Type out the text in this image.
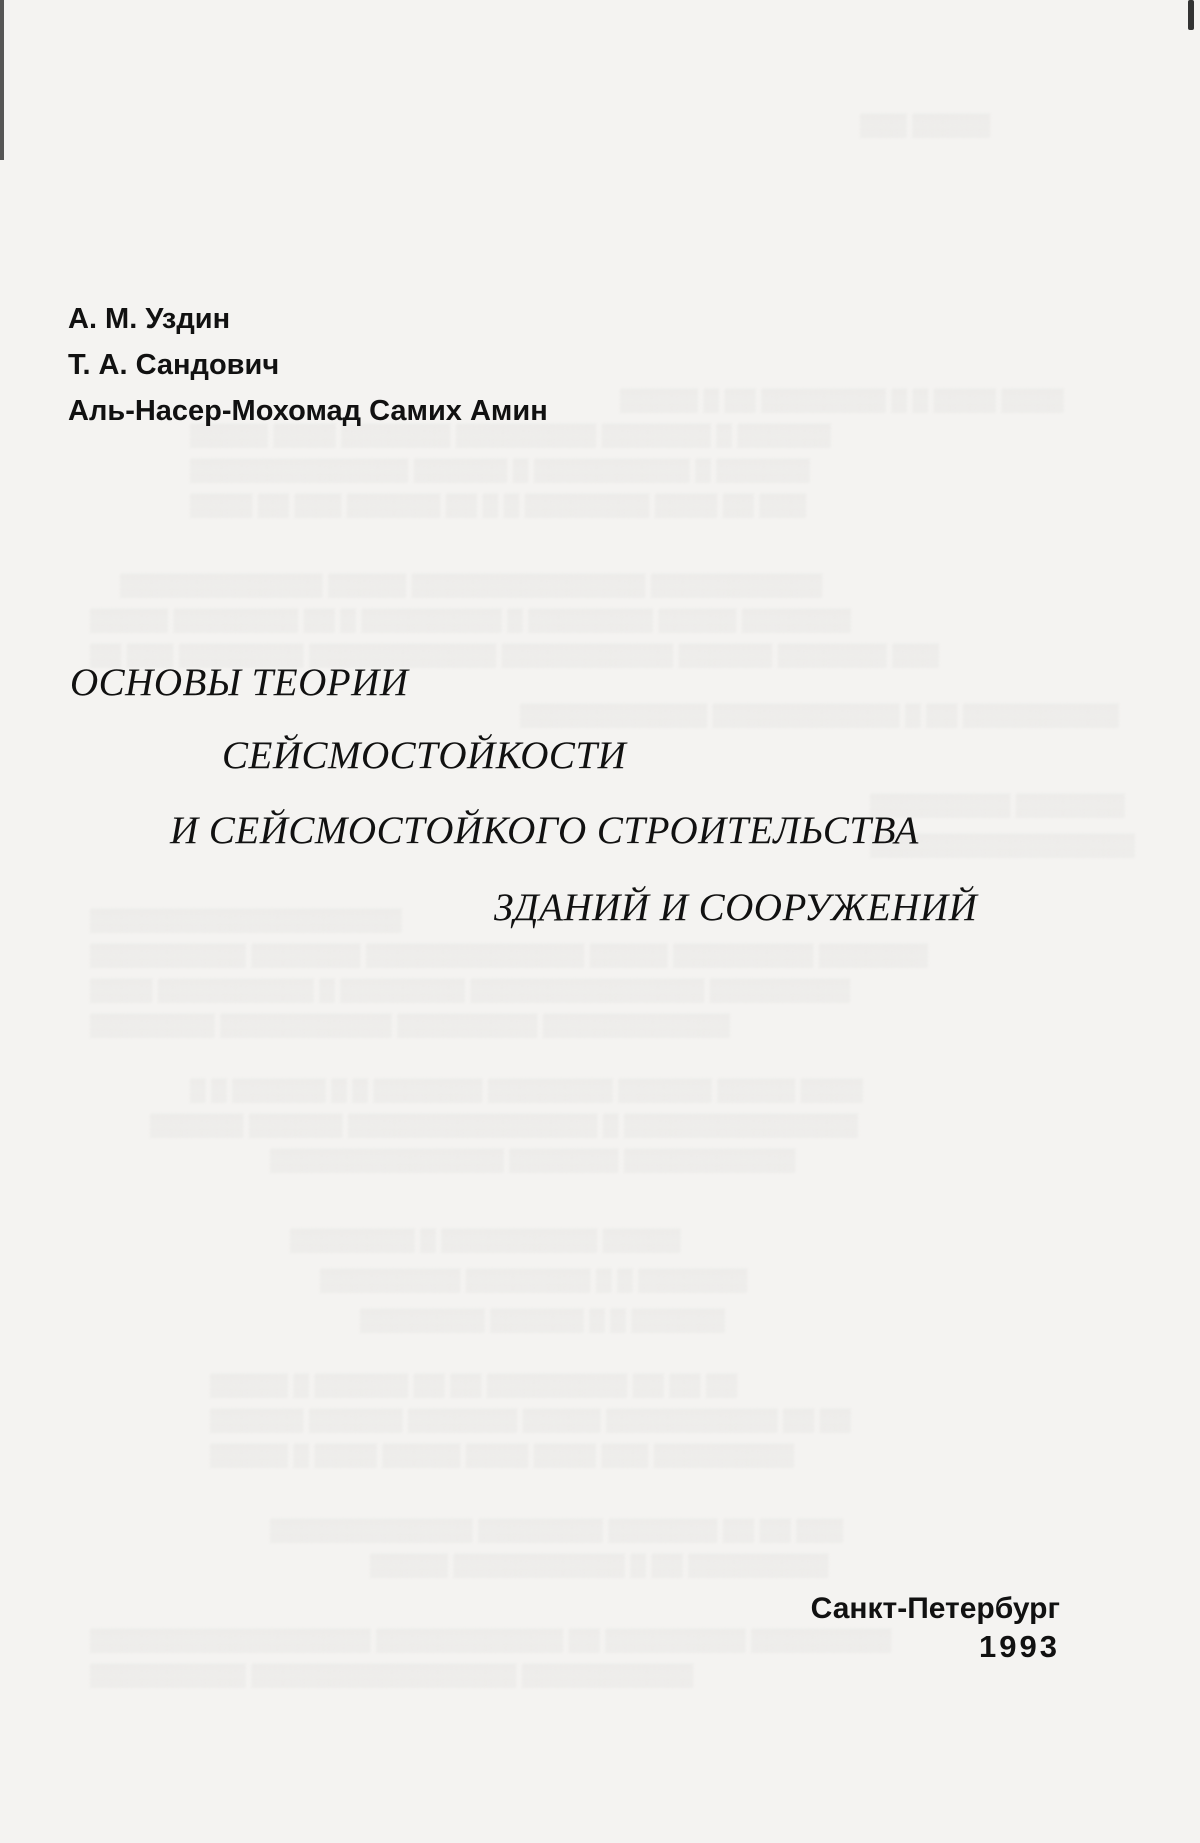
▒▒▒ ▒▒▒▒▒
▒▒▒▒▒ ▒ ▒▒ ▒▒▒▒▒▒▒▒ ▒ ▒ ▒▒▒▒ ▒▒▒▒
▒▒▒▒▒ ▒▒▒▒ ▒▒▒▒▒▒▒ ▒▒▒▒▒▒▒▒▒ ▒▒▒▒▒▒▒ ▒ ▒▒▒▒▒▒
▒▒▒▒▒▒▒▒▒▒▒▒▒▒ ▒▒▒▒▒▒ ▒ ▒▒▒▒▒▒▒▒▒▒ ▒ ▒▒▒▒▒▒
▒▒▒▒ ▒▒ ▒▒▒ ▒▒▒▒▒▒ ▒▒ ▒ ▒ ▒▒▒▒▒▒▒▒ ▒▒▒▒ ▒▒ ▒▒▒
▒▒▒▒▒▒▒▒▒▒▒▒▒ ▒▒▒▒▒ ▒▒▒▒▒▒▒▒▒▒▒▒▒▒▒ ▒▒▒▒▒▒▒▒▒▒▒
▒▒▒▒▒ ▒▒▒▒▒▒▒▒ ▒▒ ▒ ▒▒▒▒▒▒▒▒▒ ▒ ▒▒▒▒▒▒▒▒ ▒▒▒▒▒ ▒▒▒▒▒▒▒
▒▒ ▒▒▒ ▒▒▒▒▒▒▒▒ ▒▒▒▒▒▒▒▒▒▒▒▒ ▒▒▒▒▒▒▒▒▒▒▒ ▒▒▒▒▒▒ ▒▒▒▒▒▒▒ ▒▒▒
▒▒▒▒▒▒▒▒▒▒▒▒ ▒▒▒▒▒▒▒▒▒▒▒▒ ▒ ▒▒ ▒▒▒▒▒▒▒▒▒▒
▒▒▒▒▒▒▒▒▒ ▒▒▒▒▒▒▒
▒▒▒▒▒▒▒▒▒▒▒▒▒▒▒▒▒
▒▒▒▒▒▒▒▒▒▒▒▒▒▒▒▒▒▒▒▒
▒▒▒▒▒▒▒▒▒▒ ▒▒▒▒▒▒▒ ▒▒▒▒▒▒▒▒▒▒▒▒▒▒ ▒▒▒▒▒ ▒▒▒▒▒▒▒▒▒ ▒▒▒▒▒▒▒
▒▒▒▒ ▒▒▒▒▒▒▒▒▒▒ ▒ ▒▒▒▒▒▒▒▒ ▒▒▒▒▒▒▒▒▒▒▒▒▒▒▒ ▒▒▒▒▒▒▒▒▒
▒▒▒▒▒▒▒▒ ▒▒▒▒▒▒▒▒▒▒▒ ▒▒▒▒▒▒▒▒▒ ▒▒▒▒▒▒▒▒▒▒▒▒
▒ ▒ ▒▒▒▒▒▒ ▒ ▒ ▒▒▒▒▒▒▒ ▒▒▒▒▒▒▒▒ ▒▒▒▒▒▒ ▒▒▒▒▒ ▒▒▒▒
▒▒▒▒▒▒ ▒▒▒▒▒▒ ▒▒▒▒▒▒▒▒▒▒▒▒▒▒▒▒ ▒ ▒▒▒▒▒▒▒▒▒▒▒▒▒▒▒
▒▒▒▒▒▒▒▒▒▒▒▒▒▒▒ ▒▒▒▒▒▒▒ ▒▒▒▒▒▒▒▒▒▒▒
▒▒▒▒▒▒▒▒ ▒ ▒▒▒▒▒▒▒▒▒▒ ▒▒▒▒▒
▒▒▒▒▒▒▒▒▒ ▒▒▒▒▒▒▒▒ ▒ ▒ ▒▒▒▒▒▒▒
▒▒▒▒▒▒▒▒ ▒▒▒▒▒▒ ▒ ▒ ▒▒▒▒▒▒
▒▒▒▒▒ ▒ ▒▒▒▒▒▒ ▒▒ ▒▒ ▒▒▒▒▒▒▒▒▒ ▒▒ ▒▒ ▒▒
▒▒▒▒▒▒ ▒▒▒▒▒▒ ▒▒▒▒▒▒▒ ▒▒▒▒▒ ▒▒▒▒▒▒▒▒▒▒▒ ▒▒ ▒▒
▒▒▒▒▒ ▒ ▒▒▒▒ ▒▒▒▒▒ ▒▒▒▒ ▒▒▒▒ ▒▒▒ ▒▒▒▒▒▒▒▒▒
▒▒▒▒▒▒▒▒▒▒▒▒▒ ▒▒▒▒▒▒▒▒ ▒▒▒▒▒▒▒ ▒▒ ▒▒ ▒▒▒
▒▒▒▒▒ ▒▒▒▒▒▒▒▒▒▒▒ ▒ ▒▒ ▒▒▒▒▒▒▒▒▒
▒▒▒▒▒▒▒▒▒▒▒▒▒▒▒▒▒▒ ▒▒▒▒▒▒▒▒▒▒▒▒ ▒▒ ▒▒▒▒▒▒▒▒▒ ▒▒▒▒▒▒▒▒▒
▒▒▒▒▒▒▒▒▒▒ ▒▒▒▒▒▒▒▒▒▒▒▒▒▒▒▒▒ ▒▒▒▒▒▒▒▒▒▒▒
А. М. Уздин
Т. А. Сандович
Аль-Насер-Мохомад Самих Амин
ОСНОВЫ ТЕОРИИ
СЕЙСМОСТОЙКОСТИ
И СЕЙСМОСТОЙКОГО СТРОИТЕЛЬСТВА
ЗДАНИЙ И СООРУЖЕНИЙ
Санкт-Петербург
1993
